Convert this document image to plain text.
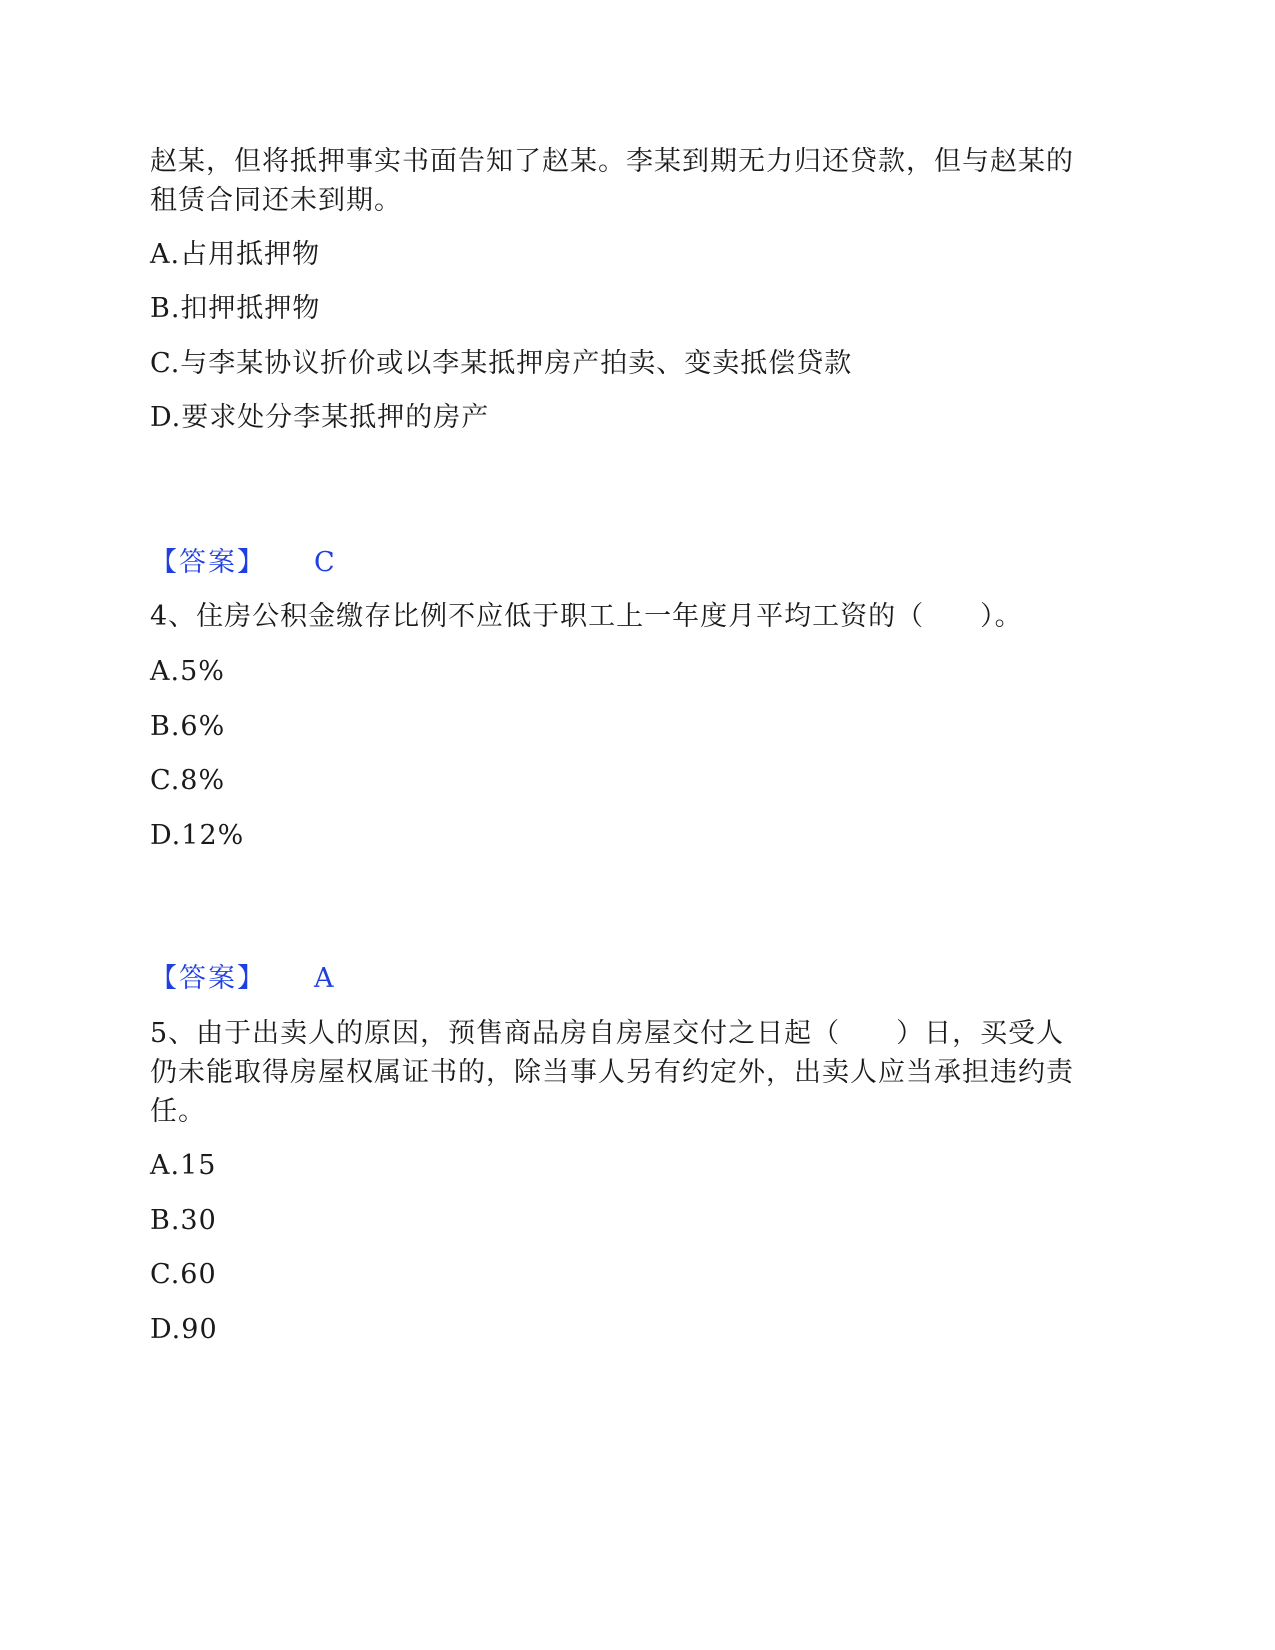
赵某，但将抵押事实书面告知了赵某。李某到期无力归还贷款，但与赵某的
租赁合同还未到期。
A.占用抵押物
B.扣押抵押物
C.与李某协议折价或以李某抵押房产拍卖、变卖抵偿贷款
D.要求处分李某抵押的房产
【答案】 C
4、住房公积金缴存比例不应低于职工上一年度月平均工资的（　　）。
A.5%
B.6%
C.8%
D.12%
【答案】 A
5、由于出卖人的原因，预售商品房自房屋交付之日起（　　）日，买受人
仍未能取得房屋权属证书的，除当事人另有约定外，出卖人应当承担违约责
任。
A.15
B.30
C.60
D.90
